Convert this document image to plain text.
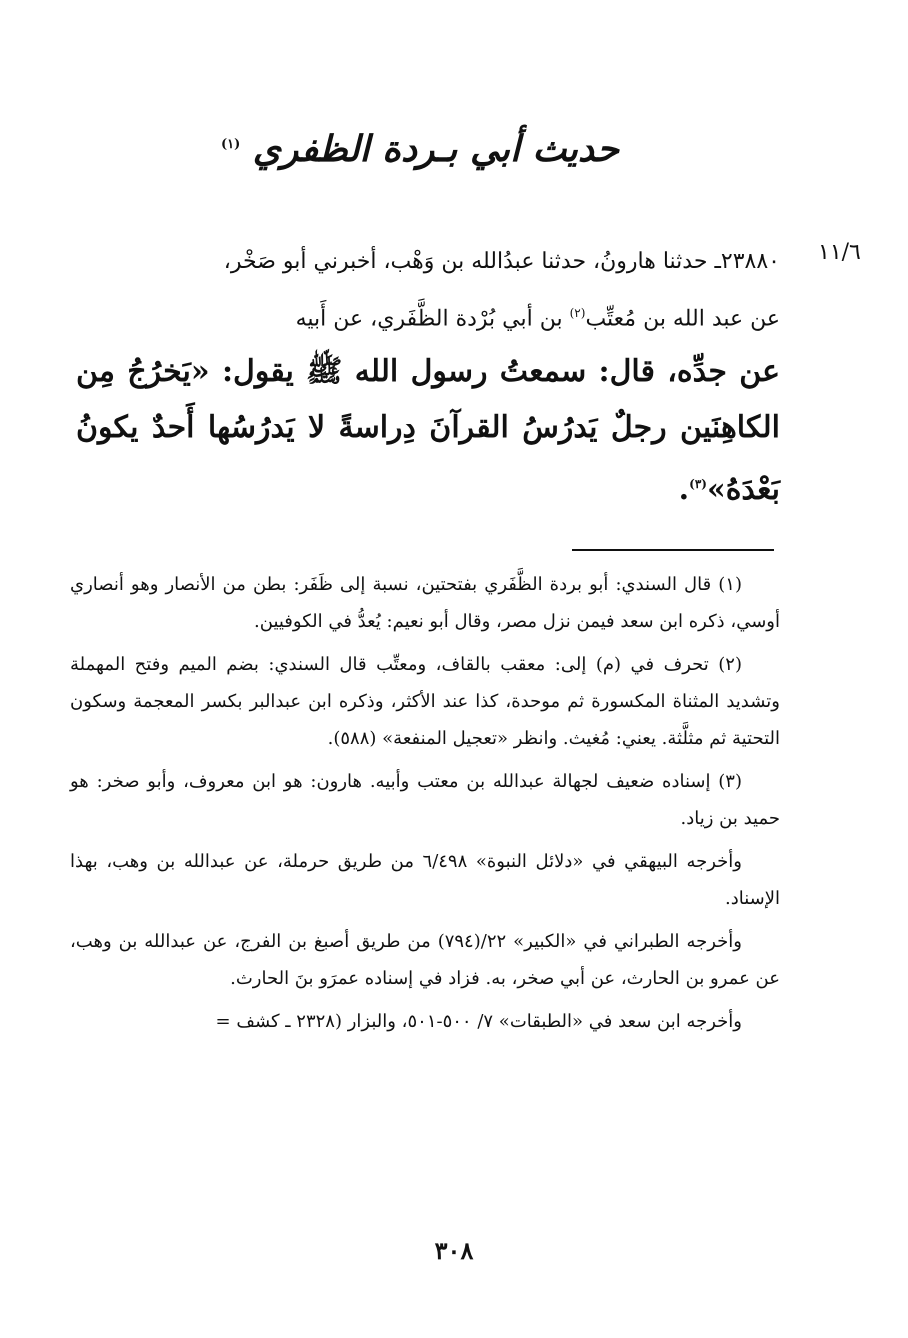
حديث أبي بـردة الظفري $^{(١)}$
١١/٦
٢٣٨٨٠ـ حدثنا هارونُ، حدثنا عبدُالله بن وَهْب، أخبرني أبو صَخْر،
عن عبد الله بن مُعتِّب$^{(٢)}$ بن أبي بُرْدة الظَّفَري، عن أَبيه
عن جدِّه، قال: سمعتُ رسول الله ﷺ يقول: «يَخرُجُ مِن الكاهِنَين رجلٌ يَدرُسُ القرآنَ دِراسةً لا يَدرُسُها أَحدٌ يكونُ بَعْدَهُ»$^{(٣)}$.

(١) قال السندي: أبو بردة الظَّفَري بفتحتين، نسبة إلى ظَفَر: بطن من الأنصار وهو أنصاري أوسي، ذكره ابن سعد فيمن نزل مصر، وقال أبو نعيم: يُعدُّ في الكوفيين.

(٢) تحرف في (م) إلى: معقب بالقاف، ومعتِّب قال السندي: بضم الميم وفتح المهملة وتشديد المثناة المكسورة ثم موحدة، كذا عند الأكثر، وذكره ابن عبدالبر بكسر المعجمة وسكون التحتية ثم مثلَّثة. يعني: مُغيث. وانظر «تعجيل المنفعة» (٥٨٨).

(٣) إسناده ضعيف لجهالة عبدالله بن معتب وأبيه. هارون: هو ابن معروف، وأبو صخر: هو حميد بن زياد.

وأخرجه البيهقي في «دلائل النبوة» ٦/٤٩٨ من طريق حرملة، عن عبدالله بن وهب، بهذا الإسناد.

وأخرجه الطبراني في «الكبير» ٢٢/(٧٩٤) من طريق أصبغ بن الفرج، عن عبدالله بن وهب، عن عمرو بن الحارث، عن أبي صخر، به. فزاد في إسناده عمرَو بنَ الحارث.

وأخرجه ابن سعد في «الطبقات» ٧/ ٥٠٠-٥٠١، والبزار (٢٣٢٨ ـ كشف =

٣٠٨
